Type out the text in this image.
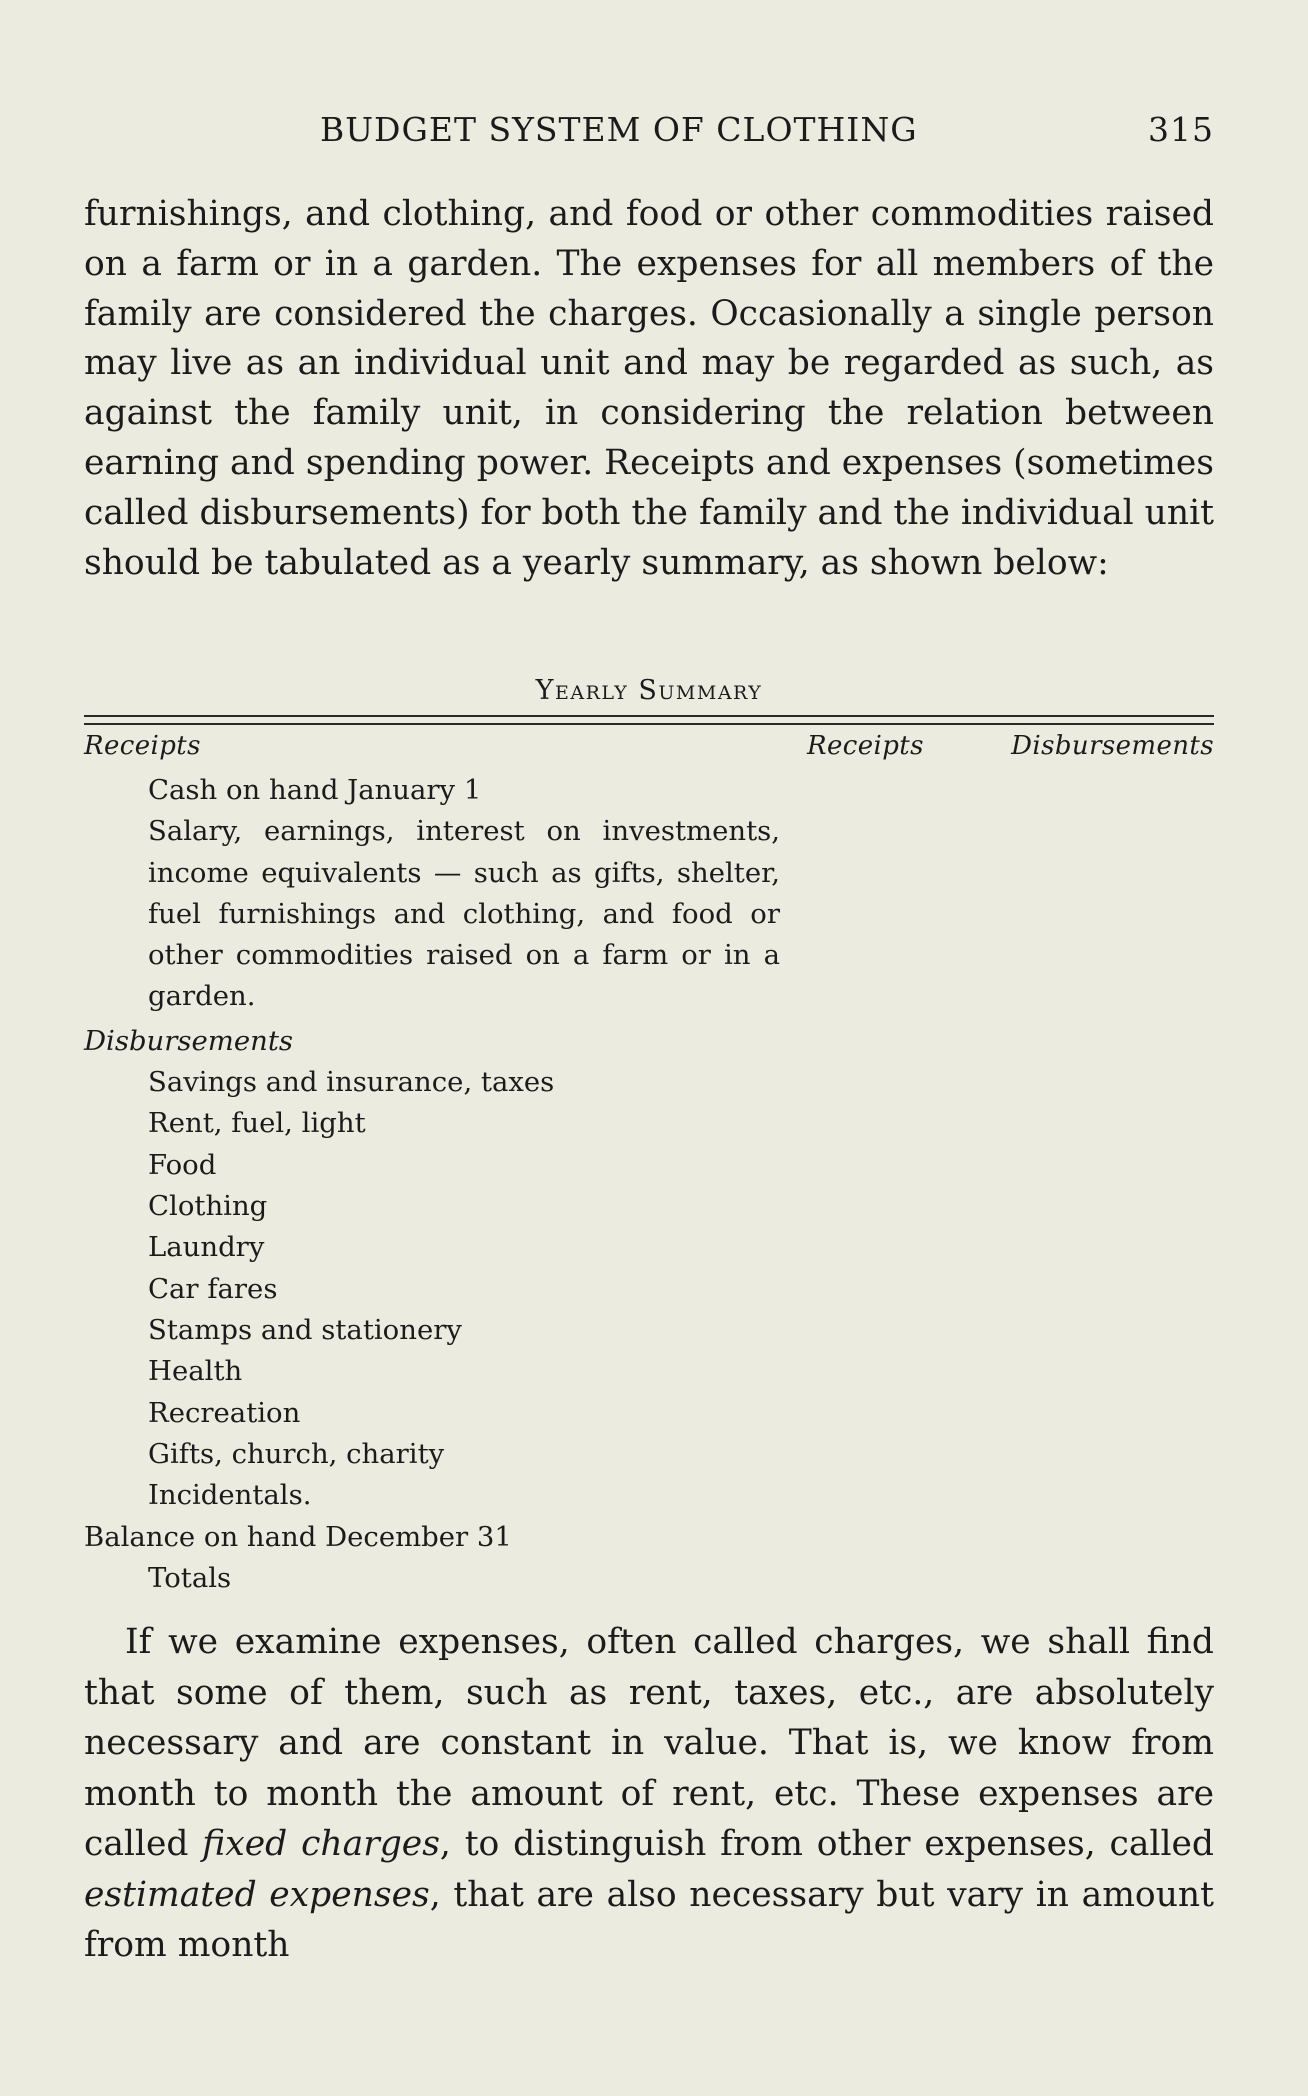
BUDGET SYSTEM OF CLOTHING	315

furnishings, and clothing, and food or other commodities raised on a farm or in a garden. The expenses for all members of the family are considered the charges. Occasionally a single person may live as an individual unit and may be regarded as such, as against the family unit, in considering the relation between earning and spending power. Receipts and expenses (sometimes called disbursements) for both the family and the individual unit should be tabulated as a yearly summary, as shown below:

Yearly Summary
Receipts	Receipts	Disbursements
Cash on hand January 1
Salary, earnings, interest on investments, income equivalents — such as gifts, shelter, fuel furnishings and clothing, and food or other commodities raised on a farm or in a garden.
Disbursements
Savings and insurance, taxes
Rent, fuel, light
Food
Clothing
Laundry
Car fares
Stamps and stationery
Health
Recreation
Gifts, church, charity
Incidentals.
Balance on hand December 31
Totals

If we examine expenses, often called charges, we shall find that some of them, such as rent, taxes, etc., are absolutely necessary and are constant in value. That is, we know from month to month the amount of rent, etc. These expenses are called fixed charges, to distinguish from other expenses, called estimated expenses, that are also necessary but vary in amount from month
